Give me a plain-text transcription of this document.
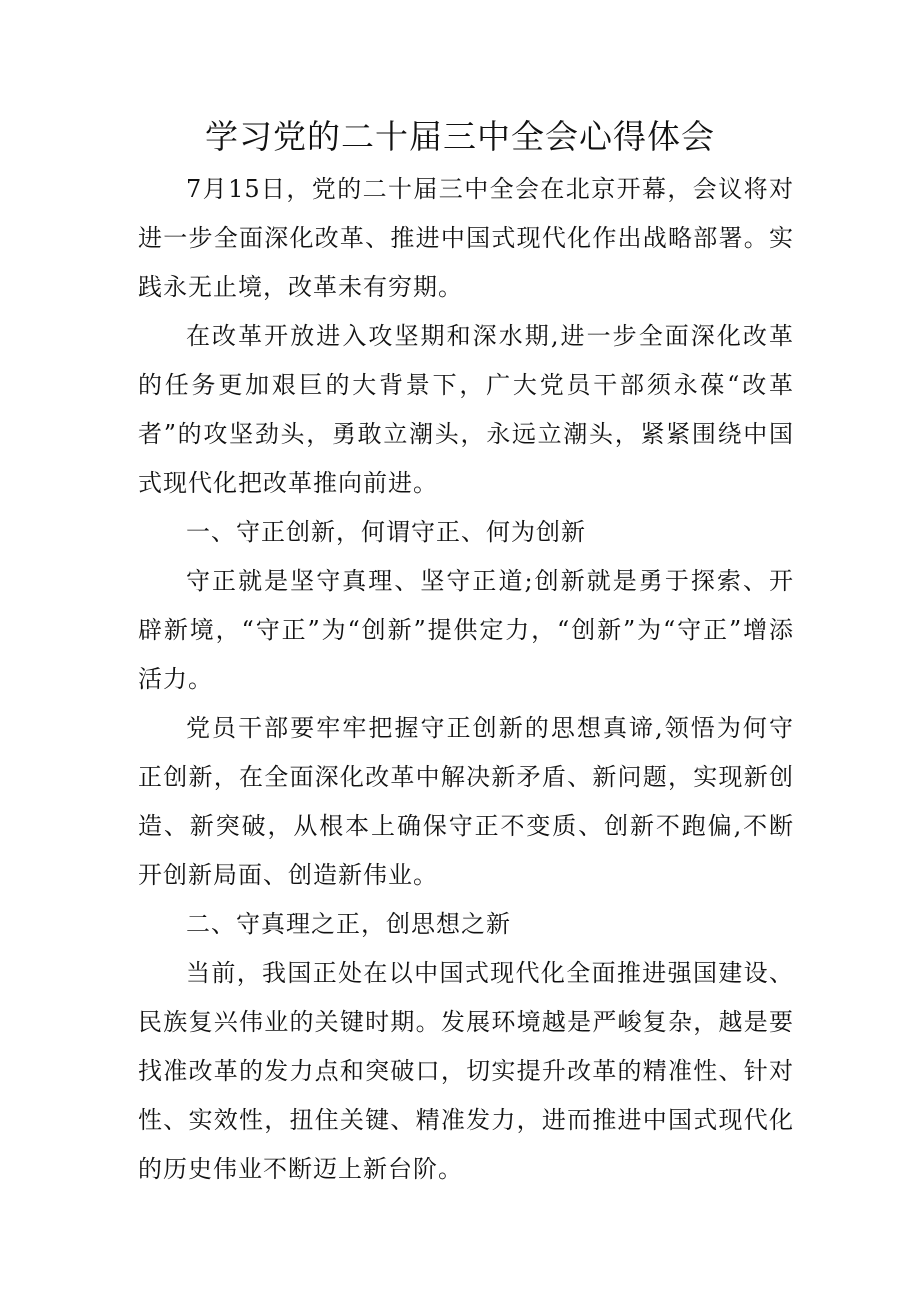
学习党的二十届三中全会心得体会

7月15日，党的二十届三中全会在北京开幕，会议将对进一步全面深化改革、推进中国式现代化作出战略部署。实践永无止境，改革未有穷期。

在改革开放进入攻坚期和深水期,进一步全面深化改革的任务更加艰巨的大背景下，广大党员干部须永葆“改革者”的攻坚劲头，勇敢立潮头，永远立潮头，紧紧围绕中国式现代化把改革推向前进。

一、守正创新，何谓守正、何为创新

守正就是坚守真理、坚守正道;创新就是勇于探索、开辟新境，“守正”为“创新”提供定力，“创新”为“守正”增添活力。

党员干部要牢牢把握守正创新的思想真谛,领悟为何守正创新，在全面深化改革中解决新矛盾、新问题，实现新创造、新突破，从根本上确保守正不变质、创新不跑偏,不断开创新局面、创造新伟业。

二、守真理之正，创思想之新

当前，我国正处在以中国式现代化全面推进强国建设、民族复兴伟业的关键时期。发展环境越是严峻复杂，越是要找准改革的发力点和突破口，切实提升改革的精准性、针对性、实效性，扭住关键、精准发力，进而推进中国式现代化的历史伟业不断迈上新台阶。
